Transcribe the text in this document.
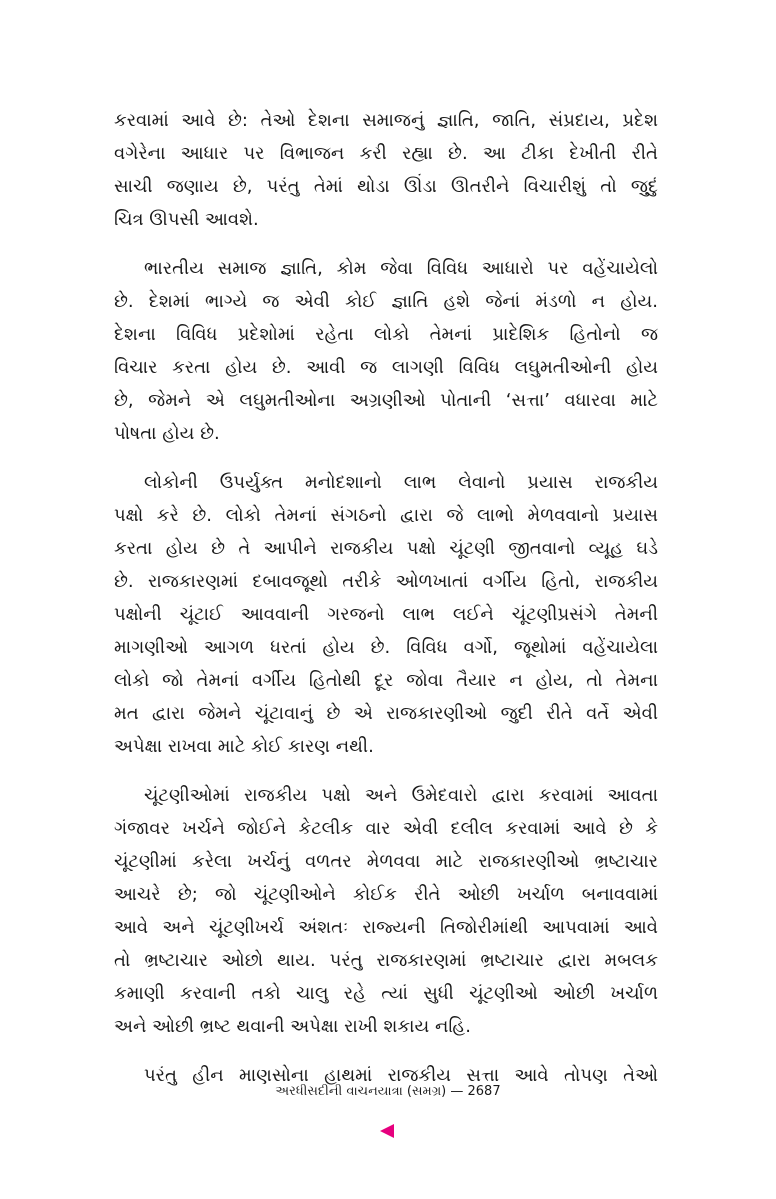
કરવામાં આવે છે: તેઓ દેશના સમાજનું જ્ઞાતિ, જાતિ, સંપ્રદાય, પ્રદેશ
વગેરેના આધાર પર વિભાજન કરી રહ્યા છે. આ ટીકા દેખીતી રીતે
સાચી જણાય છે, પરંતુ તેમાં થોડા ઊંડા ઊતરીને વિચારીશું તો જુદું
ચિત્ર ઊપસી આવશે.
ભારતીય સમાજ જ્ઞાતિ, કોમ જેવા વિવિધ આધારો પર વહેંચાયેલો
છે. દેશમાં ભાગ્યે જ એવી કોઈ જ્ઞાતિ હશે જેનાં મંડળો ન હોય.
દેશના વિવિધ પ્રદેશોમાં રહેતા લોકો તેમનાં પ્રાદેશિક હિતોનો જ
વિચાર કરતા હોય છે. આવી જ લાગણી વિવિધ લઘુમતીઓની હોય
છે, જેમને એ લઘુમતીઓના અગ્રણીઓ પોતાની ‘સત્તા’ વધારવા માટે
પોષતા હોય છે.
લોકોની ઉપર્યુક્ત મનોદશાનો લાભ લેવાનો પ્રયાસ રાજકીય
પક્ષો કરે છે. લોકો તેમનાં સંગઠનો દ્વારા જે લાભો મેળવવાનો પ્રયાસ
કરતા હોય છે તે આપીને રાજકીય પક્ષો ચૂંટણી જીતવાનો વ્યૂહ ઘડે
છે. રાજકારણમાં દબાવજૂથો તરીકે ઓળખાતાં વર્ગીય હિતો, રાજકીય
પક્ષોની ચૂંટાઈ આવવાની ગરજનો લાભ લઈને ચૂંટણીપ્રસંગે તેમની
માગણીઓ આગળ ધરતાં હોય છે. વિવિધ વર્ગો, જૂથોમાં વહેંચાયેલા
લોકો જો તેમનાં વર્ગીય હિતોથી દૂર જોવા તૈયાર ન હોય, તો તેમના
મત દ્વારા જેમને ચૂંટાવાનું છે એ રાજકારણીઓ જુદી રીતે વર્તે એવી
અપેક્ષા રાખવા માટે કોઈ કારણ નથી.
ચૂંટણીઓમાં રાજકીય પક્ષો અને ઉમેદવારો દ્વારા કરવામાં આવતા
ગંજાવર ખર્ચને જોઈને કેટલીક વાર એવી દલીલ કરવામાં આવે છે કે
ચૂંટણીમાં કરેલા ખર્ચનું વળતર મેળવવા માટે રાજકારણીઓ ભ્રષ્ટાચાર
આચરે છે; જો ચૂંટણીઓને કોઈક રીતે ઓછી ખર્ચાળ બનાવવામાં
આવે અને ચૂંટણીખર્ચ અંશતઃ રાજ્યની તિજોરીમાંથી આપવામાં આવે
તો ભ્રષ્ટાચાર ઓછો થાય. પરંતુ રાજકારણમાં ભ્રષ્ટાચાર દ્વારા મબલક
કમાણી કરવાની તકો ચાલુ રહે ત્યાં સુધી ચૂંટણીઓ ઓછી ખર્ચાળ
અને ઓછી ભ્રષ્ટ થવાની અપેક્ષા રાખી શકાય નહિ.
પરંતુ હીન માણસોના હાથમાં રાજકીય સત્તા આવે તોપણ તેઓ
અરધીસદીની વાચનયાત્રા (સમગ્ર) — 2687
